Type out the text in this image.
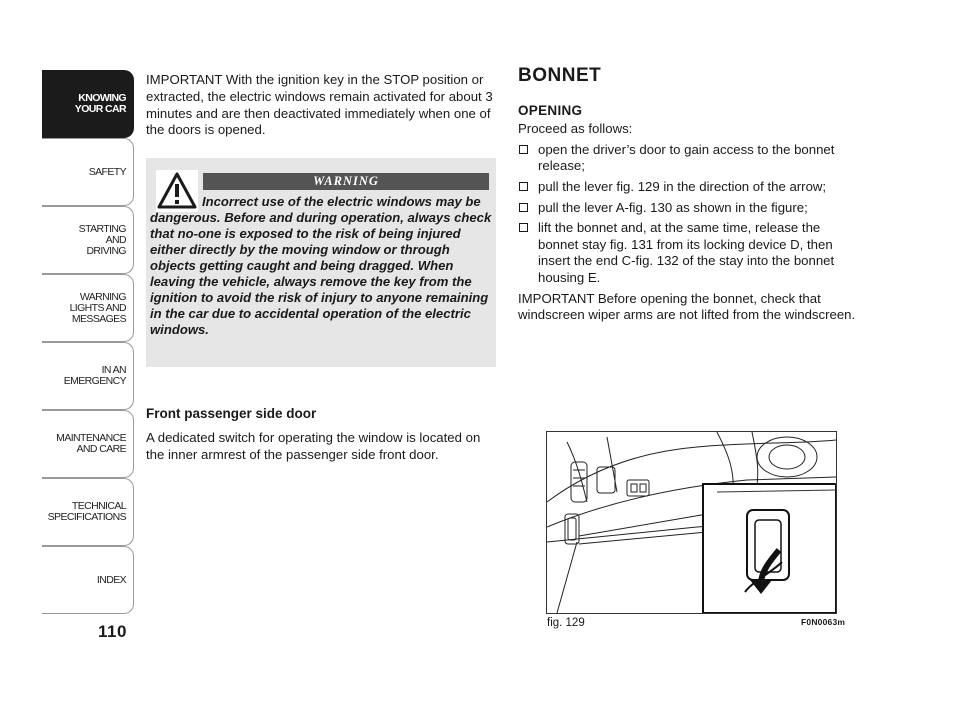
KNOWING
YOUR CAR
SAFETY
STARTING
AND
DRIVING
WARNING
LIGHTS AND
MESSAGES
IN AN
EMERGENCY
MAINTENANCE
AND CARE
TECHNICAL
SPECIFICATIONS
INDEX
110

IMPORTANT With the ignition key in the STOP position or extracted, the electric windows remain activated for about 3 minutes and are then deactivated immediately when one of the doors is opened.

WARNING
Incorrect use of the electric windows may be dangerous. Before and during operation, always check that no-one is exposed to the risk of being injured either directly by the moving window or through objects getting caught and being dragged. When leaving the vehicle, always remove the key from the ignition to avoid the risk of injury to anyone remaining in the car due to accidental operation of the electric windows.
Front passenger side door
A dedicated switch for operating the window is located on the inner armrest of the passenger side front door.
BONNET
OPENING
Proceed as follows:
open the driver’s door to gain access to the bonnet release;
pull the lever fig. 129 in the direction of the arrow;
pull the lever A-fig. 130 as shown in the figure;
lift the bonnet and, at the same time, release the bonnet stay fig. 131 from its locking device D, then insert the end C-fig. 132 of the stay into the bonnet housing E.
IMPORTANT Before opening the bonnet, check that windscreen wiper arms are not lifted from the windscreen.
fig. 129	F0N0063m
